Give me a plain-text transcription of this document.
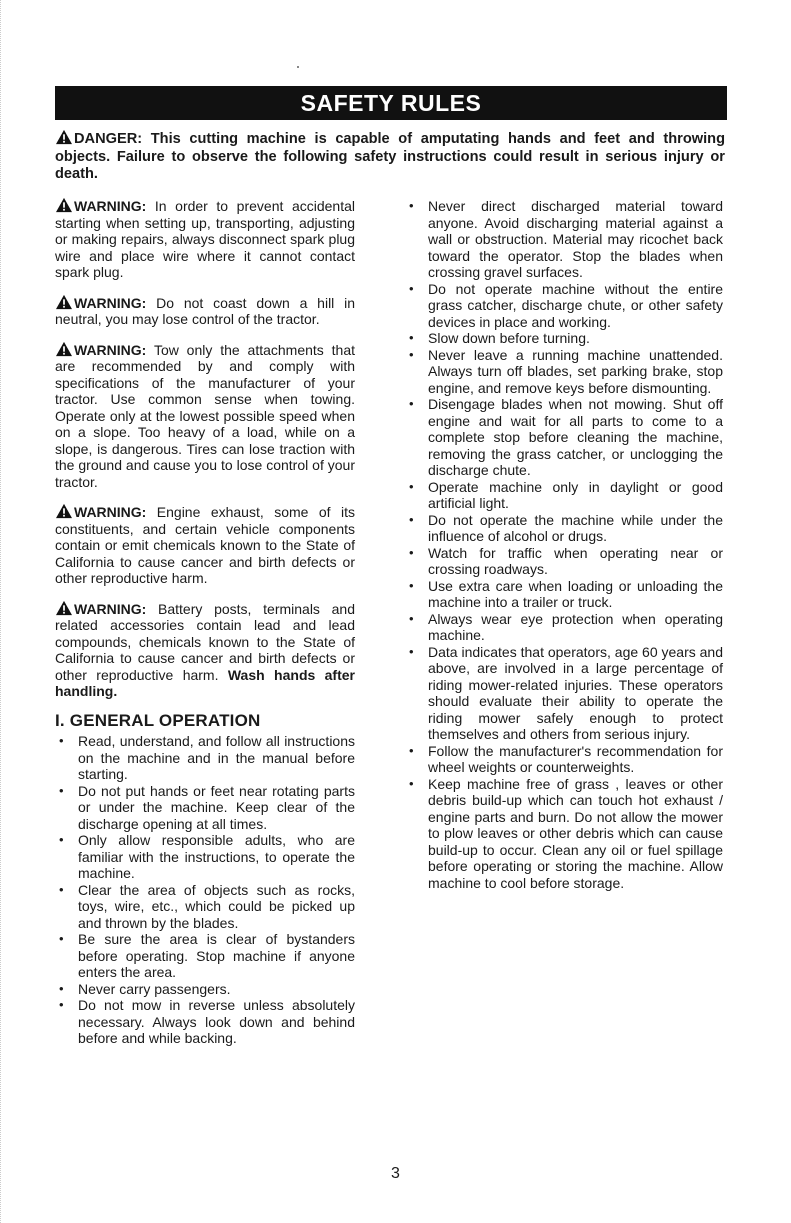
SAFETY RULES
DANGER: This cutting machine is capable of amputating hands and feet and throwing objects. Failure to observe the following safety instructions could result in serious injury or death.

WARNING: In order to prevent accidental starting when setting up, transporting, adjusting or making repairs, always disconnect spark plug wire and place wire where it cannot contact spark plug.

WARNING: Do not coast down a hill in neutral, you may lose control of the tractor.

WARNING: Tow only the attachments that are recommended by and comply with specifications of the manufacturer of your tractor. Use common sense when towing. Operate only at the lowest possible speed when on a slope. Too heavy of a load, while on a slope, is dangerous. Tires can lose traction with the ground and cause you to lose control of your tractor.

WARNING: Engine exhaust, some of its constituents, and certain vehicle components contain or emit chemicals known to the State of California to cause cancer and birth defects or other reproductive harm.

WARNING: Battery posts, terminals and related accessories contain lead and lead compounds, chemicals known to the State of California to cause cancer and birth defects or other reproductive harm. Wash hands after handling.

I. GENERAL OPERATION
• Read, understand, and follow all instructions on the machine and in the manual before starting.
• Do not put hands or feet near rotating parts or under the machine. Keep clear of the discharge opening at all times.
• Only allow responsible adults, who are familiar with the instructions, to operate the machine.
• Clear the area of objects such as rocks, toys, wire, etc., which could be picked up and thrown by the blades.
• Be sure the area is clear of bystanders before operating. Stop machine if anyone enters the area.
• Never carry passengers.
• Do not mow in reverse unless absolutely necessary. Always look down and behind before and while backing.
• Never direct discharged material toward anyone. Avoid discharging material against a wall or obstruction. Material may ricochet back toward the operator. Stop the blades when crossing gravel surfaces.
• Do not operate machine without the entire grass catcher, discharge chute, or other safety devices in place and working.
• Slow down before turning.
• Never leave a running machine unattended. Always turn off blades, set parking brake, stop engine, and remove keys before dismounting.
• Disengage blades when not mowing. Shut off engine and wait for all parts to come to a complete stop before cleaning the machine, removing the grass catcher, or unclogging the discharge chute.
• Operate machine only in daylight or good artificial light.
• Do not operate the machine while under the influence of alcohol or drugs.
• Watch for traffic when operating near or crossing roadways.
• Use extra care when loading or unloading the machine into a trailer or truck.
• Always wear eye protection when operating machine.
• Data indicates that operators, age 60 years and above, are involved in a large percentage of riding mower-related injuries. These operators should evaluate their ability to operate the riding mower safely enough to protect themselves and others from serious injury.
• Follow the manufacturer's recommendation for wheel weights or counterweights.
• Keep machine free of grass , leaves or other debris build-up which can touch hot exhaust / engine parts and burn. Do not allow the mower to plow leaves or other debris which can cause build-up to occur. Clean any oil or fuel spillage before operating or storing the machine. Allow machine to cool before storage.
3
